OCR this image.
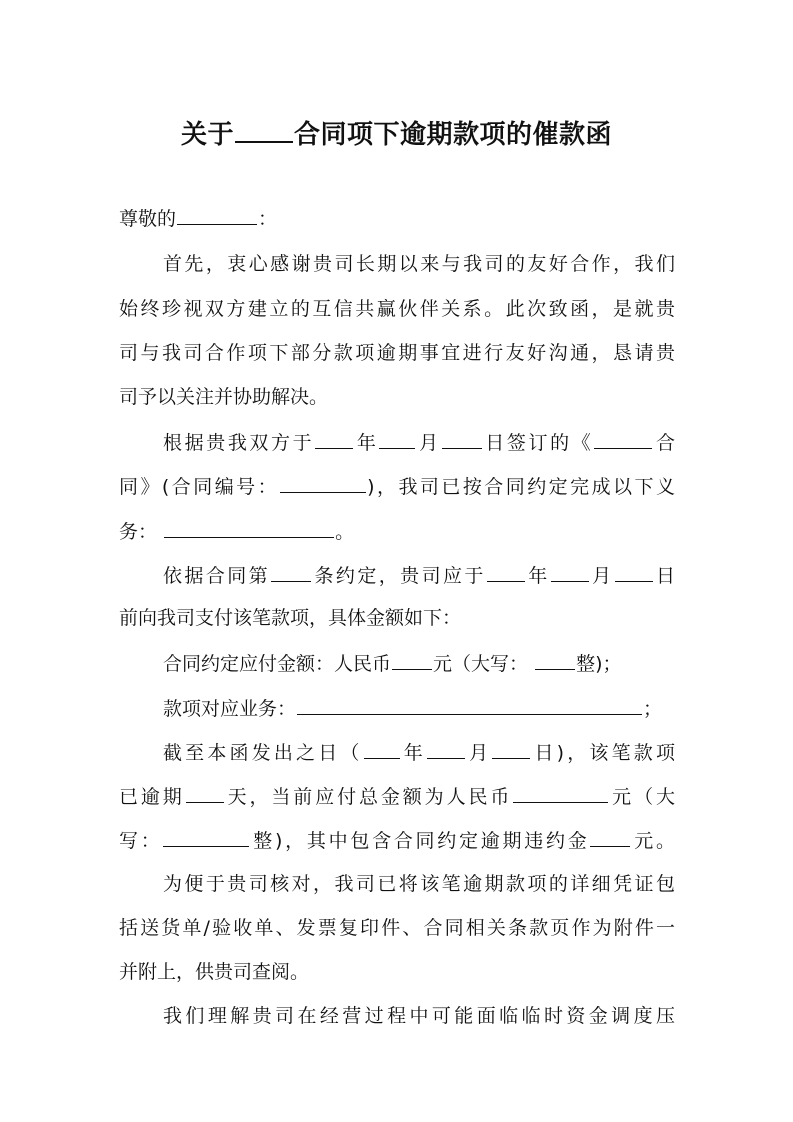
关于 合同项下逾期款项的催款函
尊敬的	：
首先，衷心感谢贵司长期以来与我司的友好合作，我们
始终珍视双方建立的互信共赢伙伴关系。此次致函，是就贵
司与我司合作项下部分款项逾期事宜进行友好沟通，恳请贵
司予以关注并协助解决。
根据贵我双方于 年 月 日签订的《	合
同》(合同编号：	)，我司已按合同约定完成以下义
务：	。
依据合同第 条约定，贵司应于 年 月 日
前向我司支付该笔款项，具体金额如下：
合同约定应付金额：人民币 元（大写：	整)；
款项对应业务：	；
截至本函发出之日（ 年 月 日)，该笔款项
已逾期 天，当前应付总金额为人民币	元（大
写：	整)，其中包含合同约定逾期违约金 元。
为便于贵司核对，我司已将该笔逾期款项的详细凭证包
括送货单/验收单、发票复印件、合同相关条款页作为附件一
并附上，供贵司查阅。
我们理解贵司在经营过程中可能面临临时资金调度压
